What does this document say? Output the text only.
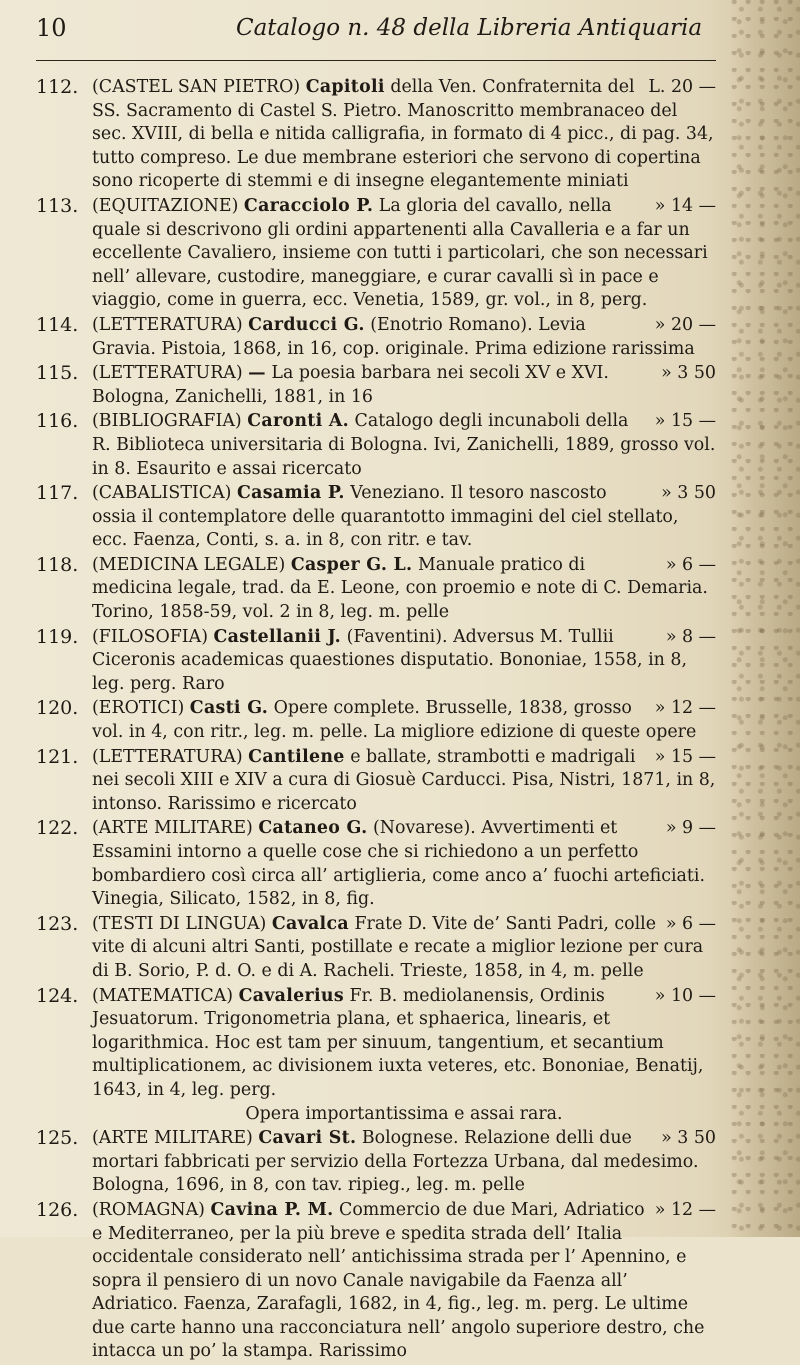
10	Catalogo n. 48 della Libreria Antiquaria
112.	L. 20 —
(CASTEL SAN PIETRO) Capitoli della Ven. Confraternita del SS. Sacramento di Castel S. Pietro. Manoscritto membranaceo del sec. XVIII, di bella e nitida calligrafia, in formato di 4 picc., di pag. 34, tutto compreso. Le due membrane esteriori che servono di copertina sono ricoperte di stemmi e di insegne elegantemente miniati
113.	» 14 —
(EQUITAZIONE) Caracciolo P. La gloria del cavallo, nella quale si descrivono gli ordini appartenenti alla Cavalleria e a far un eccellente Cavaliero, insieme con tutti i particolari, che son necessari nell’ allevare, custodire, maneggiare, e curar cavalli sì in pace e viaggio, come in guerra, ecc. Venetia, 1589, gr. vol., in 8, perg.
114.	» 20 —
(LETTERATURA) Carducci G. (Enotrio Romano). Levia Gravia. Pistoia, 1868, in 16, cop. originale. Prima edizione rarissima
115.	» 3 50
(LETTERATURA) — La poesia barbara nei secoli XV e XVI. Bologna, Zanichelli, 1881, in 16
116.	» 15 —
(BIBLIOGRAFIA) Caronti A. Catalogo degli incunaboli della R. Biblioteca universitaria di Bologna. Ivi, Zanichelli, 1889, grosso vol. in 8. Esaurito e assai ricercato
117.	» 3 50
(CABALISTICA) Casamia P. Veneziano. Il tesoro nascosto ossia il contemplatore delle quarantotto immagini del ciel stellato, ecc. Faenza, Conti, s. a. in 8, con ritr. e tav.
118.	» 6 —
(MEDICINA LEGALE) Casper G. L. Manuale pratico di medicina legale, trad. da E. Leone, con proemio e note di C. Demaria. Torino, 1858-59, vol. 2 in 8, leg. m. pelle
119.	» 8 —
(FILOSOFIA) Castellanii J. (Faventini). Adversus M. Tullii Ciceronis academicas quaestiones disputatio. Bononiae, 1558, in 8, leg. perg. Raro
120.	» 12 —
(EROTICI) Casti G. Opere complete. Brusselle, 1838, grosso vol. in 4, con ritr., leg. m. pelle. La migliore edizione di queste opere
121.	» 15 —
(LETTERATURA) Cantilene e ballate, strambotti e madrigali nei secoli XIII e XIV a cura di Giosuè Carducci. Pisa, Nistri, 1871, in 8, intonso. Rarissimo e ricercato
122.	» 9 —
(ARTE MILITARE) Cataneo G. (Novarese). Avvertimenti et Essamini intorno a quelle cose che si richiedono a un perfetto bombardiero così circa all’ artiglieria, come anco a’ fuochi arteficiati. Vinegia, Silicato, 1582, in 8, fig.
123.	» 6 —
(TESTI DI LINGUA) Cavalca Frate D. Vite de’ Santi Padri, colle vite di alcuni altri Santi, postillate e recate a miglior lezione per cura di B. Sorio, P. d. O. e di A. Racheli. Trieste, 1858, in 4, m. pelle
124.	» 10 —
(MATEMATICA) Cavalerius Fr. B. mediolanensis, Ordinis Jesuatorum. Trigonometria plana, et sphaerica, linearis, et logarithmica. Hoc est tam per sinuum, tangentium, et secantium multiplicationem, ac divisionem iuxta veteres, etc. Bononiae, Benatij, 1643, in 4, leg. perg.
Opera importantissima e assai rara.
125.	» 3 50
(ARTE MILITARE) Cavari St. Bolognese. Relazione delli due mortari fabbricati per servizio della Fortezza Urbana, dal medesimo. Bologna, 1696, in 8, con tav. ripieg., leg. m. pelle
126.	» 12 —
(ROMAGNA) Cavina P. M. Commercio de due Mari, Adriatico e Mediterraneo, per la più breve e spedita strada dell’ Italia occidentale considerato nell’ antichissima strada per l’ Apennino, e sopra il pensiero di un novo Canale navigabile da Faenza all’ Adriatico. Faenza, Zarafagli, 1682, in 4, fig., leg. m. perg. Le ultime due carte hanno una racconciatura nell’ angolo superiore destro, che intacca un po’ la stampa. Rarissimo
